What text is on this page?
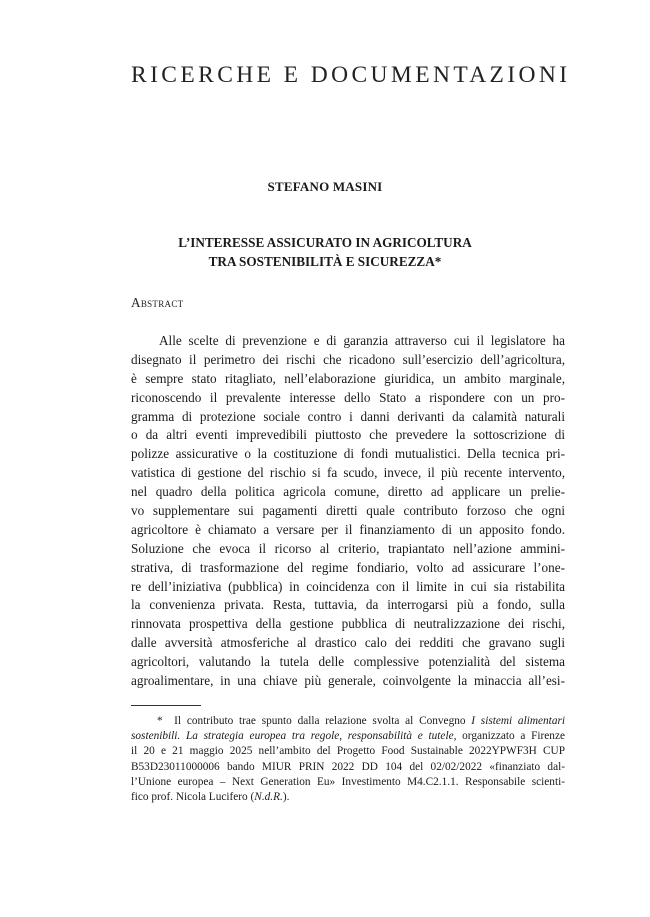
RICERCHE E DOCUMENTAZIONI
STEFANO MASINI
L’INTERESSE ASSICURATO IN AGRICOLTURA
TRA SOSTENIBILITÀ E SICUREZZA*
Abstract
Alle scelte di prevenzione e di garanzia attraverso cui il legislatore ha
disegnato il perimetro dei rischi che ricadono sull’esercizio dell’agricoltura,
è sempre stato ritagliato, nell’elaborazione giuridica, un ambito marginale,
riconoscendo il prevalente interesse dello Stato a rispondere con un pro-
gramma di protezione sociale contro i danni derivanti da calamità naturali
o da altri eventi imprevedibili piuttosto che prevedere la sottoscrizione di
polizze assicurative o la costituzione di fondi mutualistici. Della tecnica pri-
vatistica di gestione del rischio si fa scudo, invece, il più recente intervento,
nel quadro della politica agricola comune, diretto ad applicare un prelie-
vo supplementare sui pagamenti diretti quale contributo forzoso che ogni
agricoltore è chiamato a versare per il finanziamento di un apposito fondo.
Soluzione che evoca il ricorso al criterio, trapiantato nell’azione ammini-
strativa, di trasformazione del regime fondiario, volto ad assicurare l’one-
re dell’iniziativa (pubblica) in coincidenza con il limite in cui sia ristabilita
la convenienza privata. Resta, tuttavia, da interrogarsi più a fondo, sulla
rinnovata prospettiva della gestione pubblica di neutralizzazione dei rischi,
dalle avversità atmosferiche al drastico calo dei redditi che gravano sugli
agricoltori, valutando la tutela delle complessive potenzialità del sistema
agroalimentare, in una chiave più generale, coinvolgente la minaccia all’esi-
* Il contributo trae spunto dalla relazione svolta al Convegno I sistemi alimentari
sostenibili. La strategia europea tra regole, responsabilità e tutele, organizzato a Firenze
il 20 e 21 maggio 2025 nell’ambito del Progetto Food Sustainable 2022YPWF3H CUP
B53D23011000006 bando MIUR PRIN 2022 DD 104 del 02/02/2022 «finanziato dal-
l’Unione europea – Next Generation Eu» Investimento M4.C2.1.1. Responsabile scienti-
fico prof. Nicola Lucifero (N.d.R.).
